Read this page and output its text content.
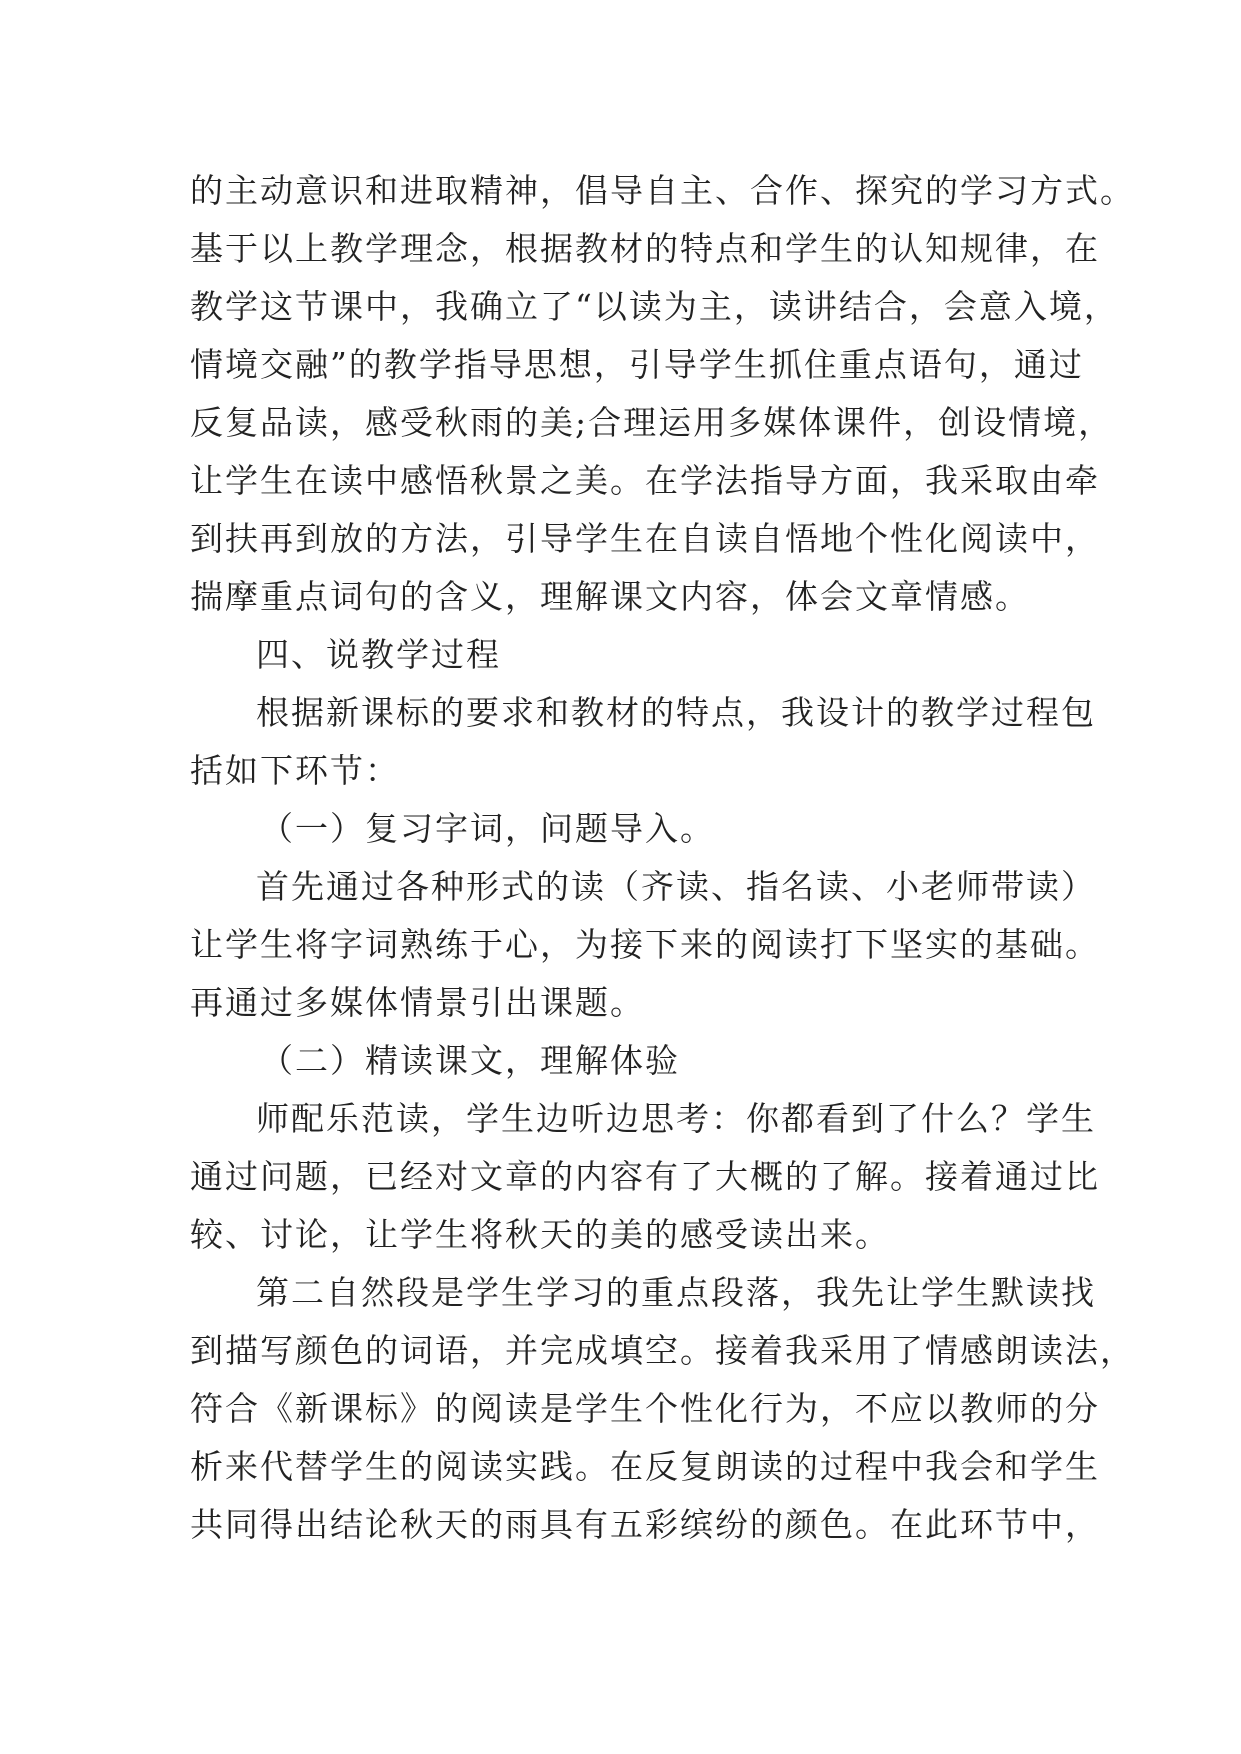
的主动意识和进取精神，倡导自主、合作、探究的学习方式。
基于以上教学理念，根据教材的特点和学生的认知规律，在
教学这节课中，我确立了“以读为主，读讲结合，会意入境，
情境交融”的教学指导思想，引导学生抓住重点语句，通过
反复品读，感受秋雨的美;合理运用多媒体课件，创设情境，
让学生在读中感悟秋景之美。在学法指导方面，我采取由牵
到扶再到放的方法，引导学生在自读自悟地个性化阅读中，
揣摩重点词句的含义，理解课文内容，体会文章情感。
四、说教学过程
根据新课标的要求和教材的特点，我设计的教学过程包
括如下环节：
（一）复习字词，问题导入。
首先通过各种形式的读（齐读、指名读、小老师带读）
让学生将字词熟练于心，为接下来的阅读打下坚实的基础。
再通过多媒体情景引出课题。
（二）精读课文，理解体验
师配乐范读，学生边听边思考：你都看到了什么？学生
通过问题，已经对文章的内容有了大概的了解。接着通过比
较、讨论，让学生将秋天的美的感受读出来。
第二自然段是学生学习的重点段落，我先让学生默读找
到描写颜色的词语，并完成填空。接着我采用了情感朗读法，
符合《新课标》的阅读是学生个性化行为，不应以教师的分
析来代替学生的阅读实践。在反复朗读的过程中我会和学生
共同得出结论秋天的雨具有五彩缤纷的颜色。在此环节中，
